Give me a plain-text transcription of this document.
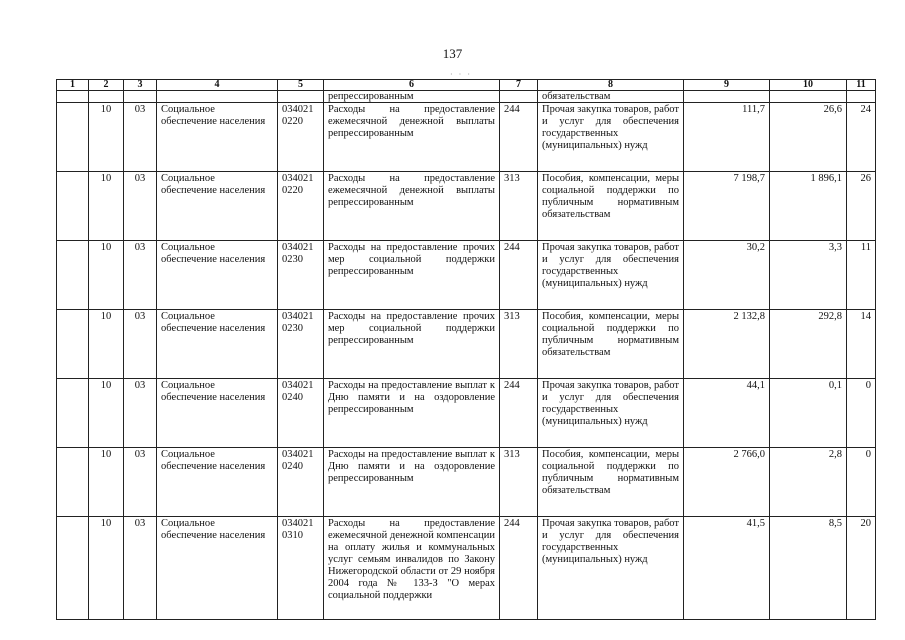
137
· · ·
1	2	3	4	5	6	7	8	9	10	11
					репрессированным		обязательствам			
	10	03	Социальное обеспечение населения	034021 0220	Расходы на предоставление ежемесячной денежной выплаты репрессированным	244	Прочая закупка товаров, работ и услуг для обеспечения государственных (муниципальных) нужд	111,7	26,6	24
	10	03	Социальное обеспечение населения	034021 0220	Расходы на предоставление ежемесячной денежной выплаты репрессированным	313	Пособия, компенсации, меры социальной поддержки по публичным нормативным обязательствам	7 198,7	1 896,1	26
	10	03	Социальное обеспечение населения	034021 0230	Расходы на предоставление прочих мер социальной поддержки репрессированным	244	Прочая закупка товаров, работ и услуг для обеспечения государственных (муниципальных) нужд	30,2	3,3	11
	10	03	Социальное обеспечение населения	034021 0230	Расходы на предоставление прочих мер социальной поддержки репрессированным	313	Пособия, компенсации, меры социальной поддержки по публичным нормативным обязательствам	2 132,8	292,8	14
	10	03	Социальное обеспечение населения	034021 0240	Расходы на предоставление выплат к Дню памяти и на оздоровление репрессированным	244	Прочая закупка товаров, работ и услуг для обеспечения государственных (муниципальных) нужд	44,1	0,1	0
	10	03	Социальное обеспечение населения	034021 0240	Расходы на предоставление выплат к Дню памяти и на оздоровление репрессированным	313	Пособия, компенсации, меры социальной поддержки по публичным нормативным обязательствам	2 766,0	2,8	0
	10	03	Социальное обеспечение населения	034021 0310	Расходы на предоставление ежемесячной денежной компенсации на оплату жилья и коммунальных услуг семьям инвалидов по Закону Нижегородской области от 29 ноября 2004 года № 133-З "О мерах социальной поддержки	244	Прочая закупка товаров, работ и услуг для обеспечения государственных (муниципальных) нужд	41,5	8,5	20
